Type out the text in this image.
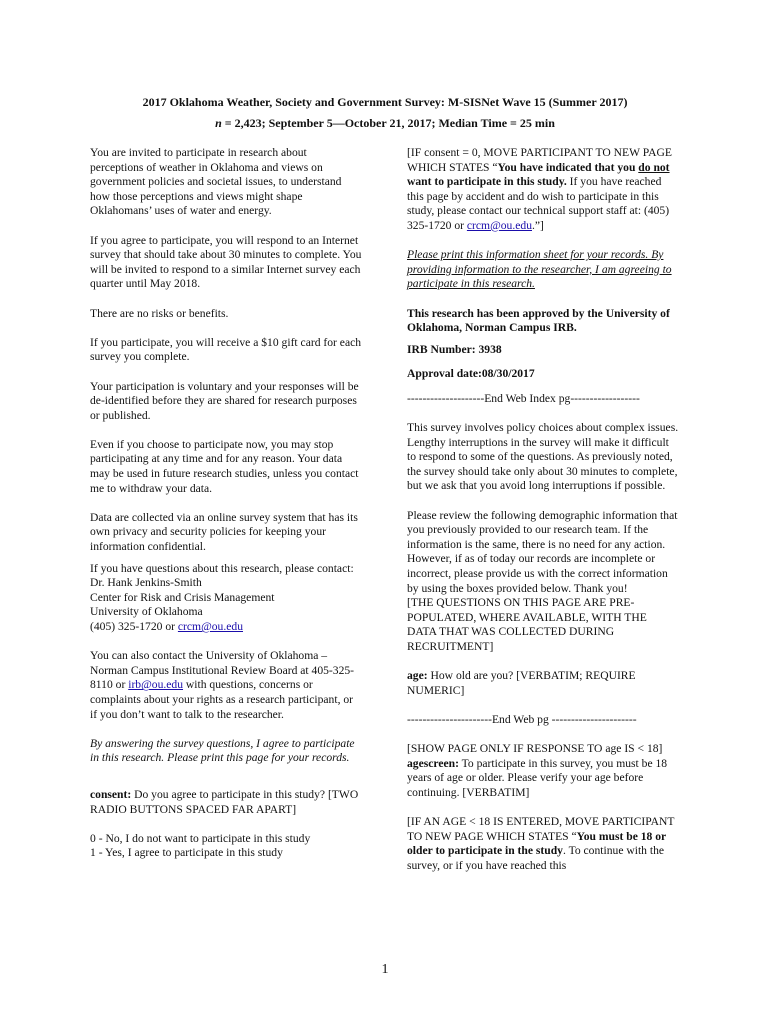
2017 Oklahoma Weather, Society and Government Survey: M-SISNet Wave 15 (Summer 2017)
n = 2,423; September 5—October 21, 2017; Median Time = 25 min

You are invited to participate in research about perceptions of weather in Oklahoma and views on government policies and societal issues, to understand how those perceptions and views might shape Oklahomans’ uses of water and energy.

If you agree to participate, you will respond to an Internet survey that should take about 30 minutes to complete. You will be invited to respond to a similar Internet survey each quarter until May 2018.

There are no risks or benefits.

If you participate, you will receive a $10 gift card for each survey you complete.

Your participation is voluntary and your responses will be de-identified before they are shared for research purposes or published.

Even if you choose to participate now, you may stop participating at any time and for any reason. Your data may be used in future research studies, unless you contact me to withdraw your data.

Data are collected via an online survey system that has its own privacy and security policies for keeping your information confidential.

If you have questions about this research, please contact:
Dr. Hank Jenkins-Smith
Center for Risk and Crisis Management
University of Oklahoma
(405) 325-1720 or crcm@ou.edu

You can also contact the University of Oklahoma – Norman Campus Institutional Review Board at 405-325-8110 or irb@ou.edu with questions, concerns or complaints about your rights as a research participant, or if you don’t want to talk to the researcher.

By answering the survey questions, I agree to participate in this research. Please print this page for your records.

consent: Do you agree to participate in this study? [TWO RADIO BUTTONS SPACED FAR APART]

0 - No, I do not want to participate in this study
1 - Yes, I agree to participate in this study

[IF consent = 0, MOVE PARTICIPANT TO NEW PAGE WHICH STATES “You have indicated that you do not want to participate in this study. If you have reached this page by accident and do wish to participate in this study, please contact our technical support staff at: (405) 325-1720 or crcm@ou.edu.”]

Please print this information sheet for your records. By providing information to the researcher, I am agreeing to participate in this research.

This research has been approved by the University of Oklahoma, Norman Campus IRB.

IRB Number: 3938

Approval date:08/30/2017

--------------------End Web Index pg------------------

This survey involves policy choices about complex issues. Lengthy interruptions in the survey will make it difficult to respond to some of the questions. As previously noted, the survey should take only about 30 minutes to complete, but we ask that you avoid long interruptions if possible.

Please review the following demographic information that you previously provided to our research team. If the information is the same, there is no need for any action. However, if as of today our records are incomplete or incorrect, please provide us with the correct information by using the boxes provided below. Thank you!

[THE QUESTIONS ON THIS PAGE ARE PRE-POPULATED, WHERE AVAILABLE, WITH THE DATA THAT WAS COLLECTED DURING RECRUITMENT]

age: How old are you? [VERBATIM; REQUIRE NUMERIC]

----------------------End Web pg ----------------------

[SHOW PAGE ONLY IF RESPONSE TO age IS < 18]
agescreen: To participate in this survey, you must be 18 years of age or older. Please verify your age before continuing. [VERBATIM]

[IF AN AGE < 18 IS ENTERED, MOVE PARTICIPANT TO NEW PAGE WHICH STATES “You must be 18 or older to participate in the study. To continue with the survey, or if you have reached this

1
